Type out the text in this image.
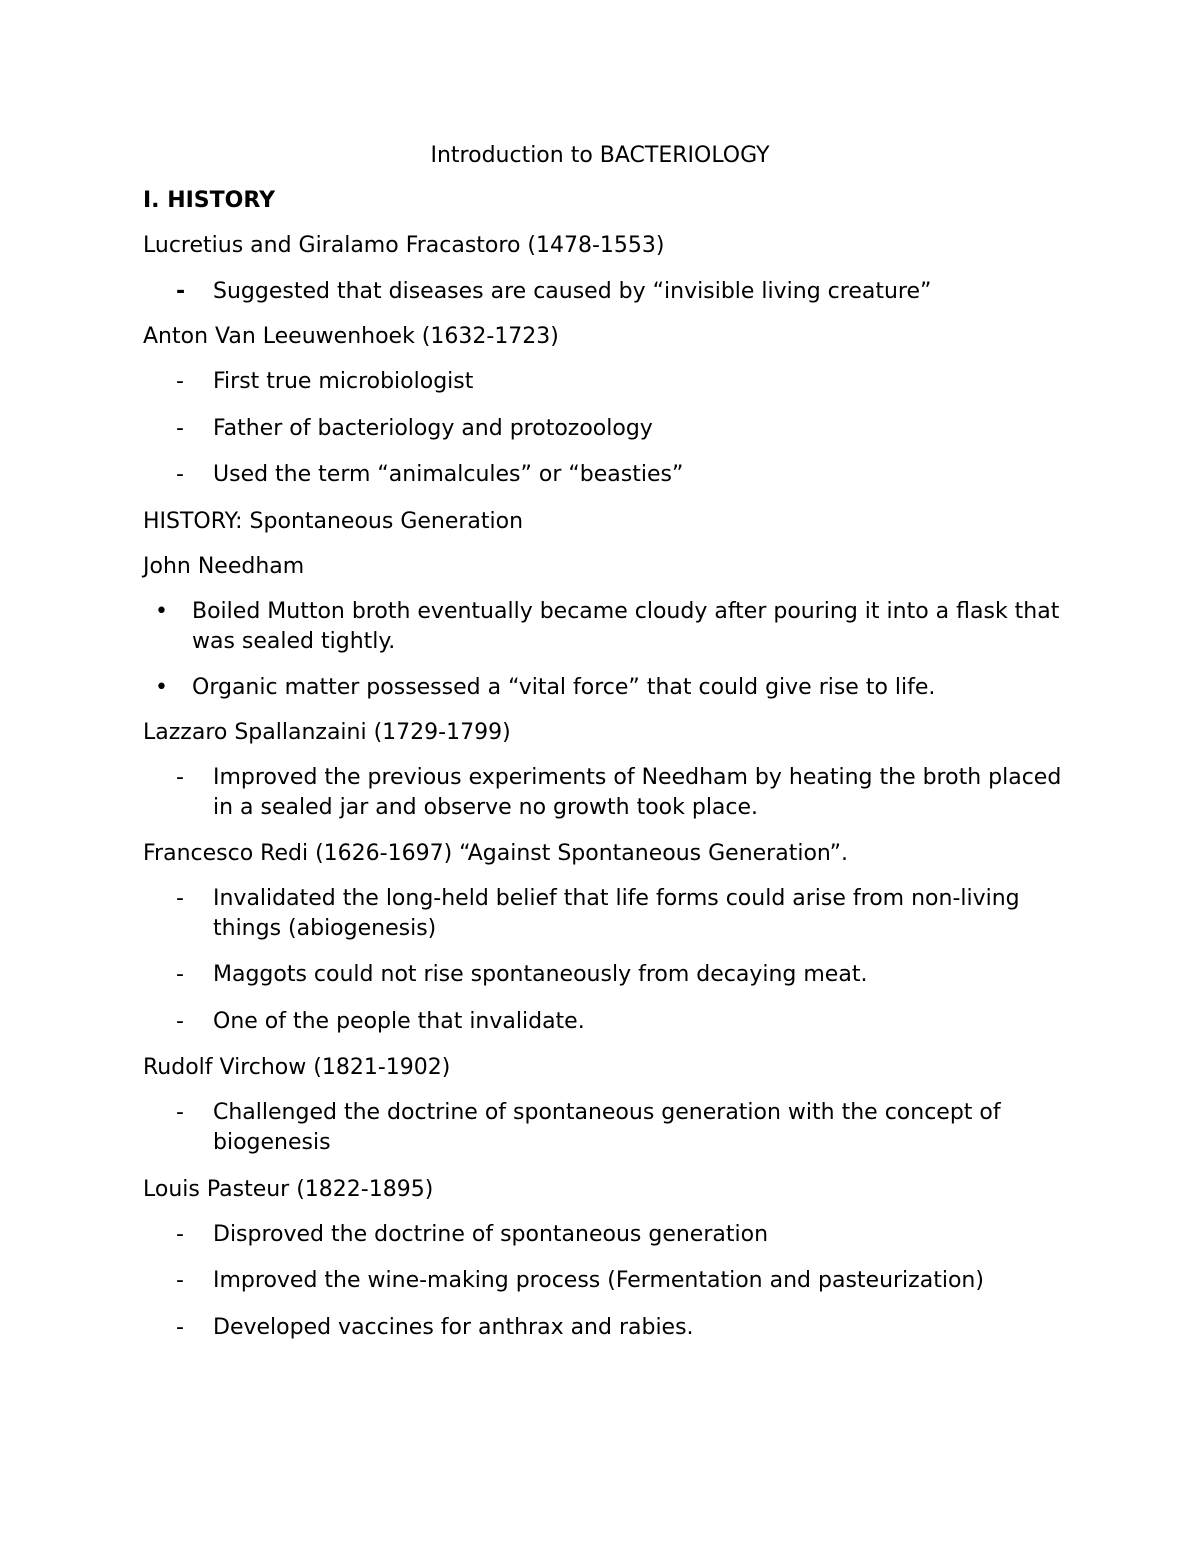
Introduction to BACTERIOLOGY
I. HISTORY
Lucretius and Giralamo Fracastoro (1478-1553)
- Suggested that diseases are caused by “invisible living creature”
Anton Van Leeuwenhoek (1632-1723)
- First true microbiologist
- Father of bacteriology and protozoology
- Used the term “animalcules” or “beasties”
HISTORY: Spontaneous Generation
John Needham
• Boiled Mutton broth eventually became cloudy after pouring it into a flask that was sealed tightly.
• Organic matter possessed a “vital force” that could give rise to life.
Lazzaro Spallanzaini (1729-1799)
- Improved the previous experiments of Needham by heating the broth placed in a sealed jar and observe no growth took place.
Francesco Redi (1626-1697) “Against Spontaneous Generation”.
- Invalidated the long-held belief that life forms could arise from non-living things (abiogenesis)
- Maggots could not rise spontaneously from decaying meat.
- One of the people that invalidate.
Rudolf Virchow (1821-1902)
- Challenged the doctrine of spontaneous generation with the concept of biogenesis
Louis Pasteur (1822-1895)
- Disproved the doctrine of spontaneous generation
- Improved the wine-making process (Fermentation and pasteurization)
- Developed vaccines for anthrax and rabies.
